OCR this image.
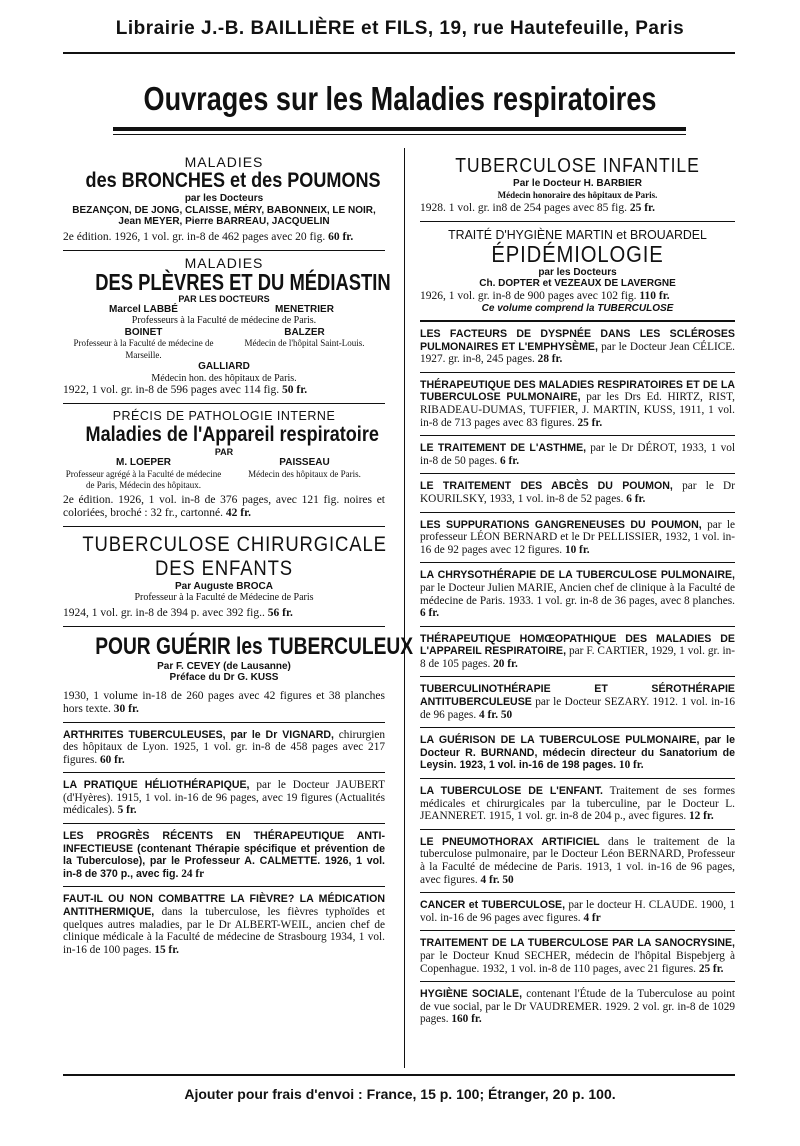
Librairie J.-B. BAILLIÈRE et FILS, 19, rue Hautefeuille, Paris
Ouvrages sur les Maladies respiratoires

MALADIES

des BRONCHES et des POUMONS

par les Docteurs

BEZANÇON, DE JONG, CLAISSE, MÉRY, BABONNEIX, LE NOIR, Jean MEYER, Pierre BARREAU, JACQUELIN

2e édition. 1926, 1 vol. gr. in-8 de 462 pages avec 20 fig. 60 fr.

MALADIES

DES PLÈVRES ET DU MÉDIASTIN

PAR LES DOCTEURS

Marcel LABBÉ	MENETRIER

Professeurs à la Faculté de médecine de Paris.

BOINET
Professeur à la Faculté de médecine de Marseille.
BALZER
Médecin de l'hôpital Saint-Louis.

GALLIARD

Médecin hon. des hôpitaux de Paris.

1922, 1 vol. gr. in-8 de 596 pages avec 114 fig. 50 fr.

PRÉCIS DE PATHOLOGIE INTERNE

Maladies de l'Appareil respiratoire

PAR

M. LOEPER
Professeur agrégé à la Faculté de médecine de Paris, Médecin des hôpitaux.
PAISSEAU
Médecin des hôpitaux de Paris.

2e édition. 1926, 1 vol. in-8 de 376 pages, avec 121 fig. noires et coloriées, broché : 32 fr., cartonné. 42 fr.

TUBERCULOSE CHIRURGICALE
DES ENFANTS

Par Auguste BROCA

Professeur à la Faculté de Médecine de Paris

1924, 1 vol. gr. in-8 de 394 p. avec 392 fig.. 56 fr.

POUR GUÉRIR les TUBERCULEUX

Par F. CEVEY (de Lausanne)

Préface du Dr G. KUSS

1930, 1 volume in-18 de 260 pages avec 42 figures et 38 planches hors texte. 30 fr.

ARTHRITES TUBERCULEUSES, par le Dr VIGNARD, chirurgien des hôpitaux de Lyon. 1925, 1 vol. gr. in-8 de 458 pages avec 217 figures. 60 fr.
LA PRATIQUE HÉLIOTHÉRAPIQUE, par le Docteur JAUBERT (d'Hyères). 1915, 1 vol. in-16 de 96 pages, avec 19 figures (Actualités médicales). 5 fr.
LES PROGRÈS RÉCENTS EN THÉRAPEUTIQUE ANTI-INFECTIEUSE (contenant Thérapie spécifique et prévention de la Tuberculose), par le Professeur A. CALMETTE. 1926, 1 vol. in-8 de 370 p., avec fig. 24 fr
FAUT-IL OU NON COMBATTRE LA FIÈVRE? LA MÉDICATION ANTITHERMIQUE, dans la tuberculose, les fièvres typhoïdes et quelques autres maladies, par le Dr ALBERT-WEIL, ancien chef de clinique médicale à la Faculté de médecine de Strasbourg 1934, 1 vol. in-16 de 100 pages. 15 fr.
TUBERCULOSE INFANTILE

Par le Docteur H. BARBIER

Médecin honoraire des hôpitaux de Paris.

1928. 1 vol. gr. in8 de 254 pages avec 85 fig. 25 fr.

TRAITÉ D'HYGIÈNE MARTIN et BROUARDEL

ÉPIDÉMIOLOGIE

par les Docteurs

Ch. DOPTER et VEZEAUX DE LAVERGNE

1926, 1 vol. gr. in-8 de 900 pages avec 102 fig. 110 fr.

Ce volume comprend la TUBERCULOSE

LES FACTEURS DE DYSPNÉE DANS LES SCLÉROSES PULMONAIRES ET L'EMPHYSÈME, par le Docteur Jean CÉLICE. 1927. gr. in-8, 245 pages. 28 fr.
THÉRAPEUTIQUE DES MALADIES RESPIRATOIRES ET DE LA TUBERCULOSE PULMONAIRE, par les Drs Ed. HIRTZ, RIST, RIBADEAU-DUMAS, TUFFIER, J. MARTIN, KUSS, 1911, 1 vol. in-8 de 713 pages avec 83 figures. 25 fr.
LE TRAITEMENT DE L'ASTHME, par le Dr DÉROT, 1933, 1 vol in-8 de 50 pages. 6 fr.
LE TRAITEMENT DES ABCÈS DU POUMON, par le Dr KOURILSKY, 1933, 1 vol. in-8 de 52 pages. 6 fr.
LES SUPPURATIONS GANGRENEUSES DU POUMON, par le professeur LÉON BERNARD et le Dr PELLISSIER, 1932, 1 vol. in-16 de 92 pages avec 12 figures. 10 fr.
LA CHRYSOTHÉRAPIE DE LA TUBERCULOSE PULMONAIRE, par le Docteur Julien MARIE, Ancien chef de clinique à la Faculté de médecine de Paris. 1933. 1 vol. gr. in-8 de 36 pages, avec 8 planches. 6 fr.
THÉRAPEUTIQUE HOMŒOPATHIQUE DES MALADIES DE L'APPAREIL RESPIRATOIRE, par F. CARTIER, 1929, 1 vol. gr. in-8 de 105 pages. 20 fr.
TUBERCULINOTHÉRAPIE ET SÉROTHÉRAPIE ANTITUBERCULEUSE par le Docteur SEZARY. 1912. 1 vol. in-16 de 96 pages. 4 fr. 50
LA GUÉRISON DE LA TUBERCULOSE PULMONAIRE, par le Docteur R. BURNAND, médecin directeur du Sanatorium de Leysin. 1923, 1 vol. in-16 de 198 pages. 10 fr.
LA TUBERCULOSE DE L'ENFANT. Traitement de ses formes médicales et chirurgicales par la tuberculine, par le Docteur L. JEANNERET. 1915, 1 vol. gr. in-8 de 204 p., avec figures. 12 fr.
LE PNEUMOTHORAX ARTIFICIEL dans le traitement de la tuberculose pulmonaire, par le Docteur Léon BERNARD, Professeur à la Faculté de médecine de Paris. 1913, 1 vol. in-16 de 96 pages, avec figures. 4 fr. 50
CANCER et TUBERCULOSE, par le docteur H. CLAUDE. 1900, 1 vol. in-16 de 96 pages avec figures. 4 fr
TRAITEMENT DE LA TUBERCULOSE PAR LA SANOCRYSINE, par le Docteur Knud SECHER, médecin de l'hôpital Bispebjerg à Copenhague. 1932, 1 vol. in-8 de 110 pages, avec 21 figures. 25 fr.
HYGIÈNE SOCIALE, contenant l'Étude de la Tuberculose au point de vue social, par le Dr VAUDREMER. 1929. 2 vol. gr. in-8 de 1029 pages. 160 fr.
Ajouter pour frais d'envoi : France, 15 p. 100; Étranger, 20 p. 100.
